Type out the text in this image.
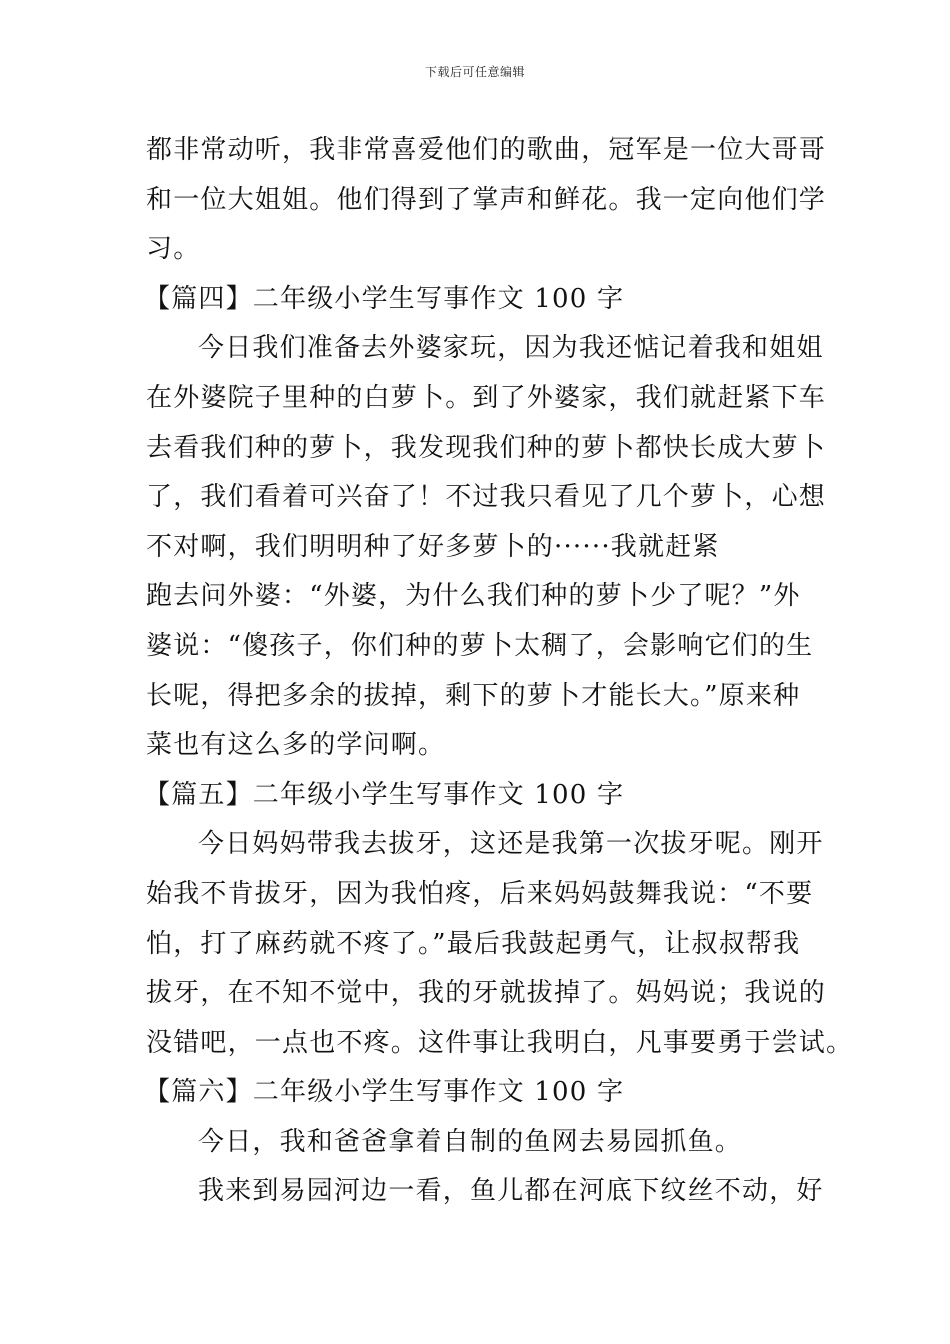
下载后可任意编辑
都非常动听，我非常喜爱他们的歌曲，冠军是一位大哥哥
和一位大姐姐。他们得到了掌声和鲜花。我一定向他们学
习。
【篇四】二年级小学生写事作文 100 字
今日我们准备去外婆家玩，因为我还惦记着我和姐姐
在外婆院子里种的白萝卜。到了外婆家，我们就赶紧下车
去看我们种的萝卜，我发现我们种的萝卜都快长成大萝卜
了，我们看着可兴奋了！不过我只看见了几个萝卜，心想
不对啊，我们明明种了好多萝卜的······我就赶紧
跑去问外婆：“外婆，为什么我们种的萝卜少了呢？”外
婆说：“傻孩子，你们种的萝卜太稠了，会影响它们的生
长呢，得把多余的拔掉，剩下的萝卜才能长大。”原来种
菜也有这么多的学问啊。
【篇五】二年级小学生写事作文 100 字
今日妈妈带我去拔牙，这还是我第一次拔牙呢。刚开
始我不肯拔牙，因为我怕疼，后来妈妈鼓舞我说：“不要
怕，打了麻药就不疼了。”最后我鼓起勇气，让叔叔帮我
拔牙，在不知不觉中，我的牙就拔掉了。妈妈说；我说的
没错吧，一点也不疼。这件事让我明白，凡事要勇于尝试。
【篇六】二年级小学生写事作文 100 字
今日，我和爸爸拿着自制的鱼网去易园抓鱼。
我来到易园河边一看，鱼儿都在河底下纹丝不动，好
